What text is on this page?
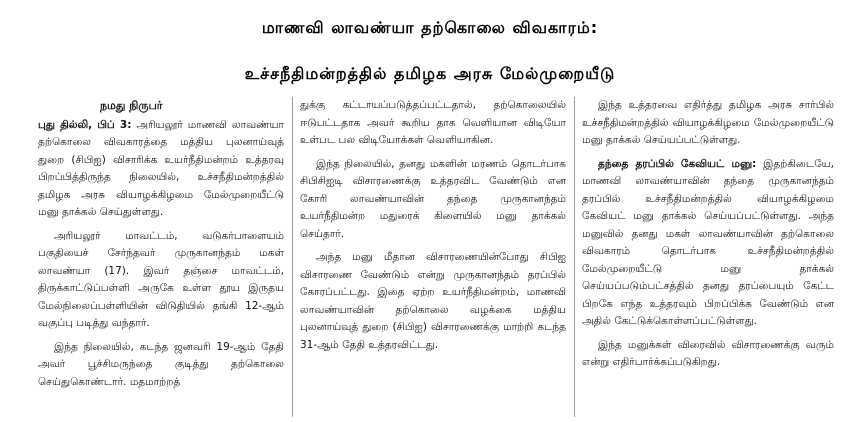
மாணவி லாவண்யா தற்கொலை விவகாரம்:
உச்சநீதிமன்றத்தில் தமிழக அரசு மேல்முறையீடு
நமது நிருபர்

புது தில்லி, பிப் 3: அரியலூர் மாணவி லாவண்யா தற்கொலை விவகாரத்தை மத்திய புலனாய்வுத் துறை (சிபிஐ) விசாரிக்க உயர்நீதிமன்றம் உத்தரவு பிறப்பித்திருந்த நிலையில், உச்சநீதிமன்றத்தில் தமிழக அரசு வியாழக்கிழமை மேல்முறையீட்டு மனு தாக்கல் செய்துள்ளது.

அரியலூர் மாவட்டம், வடுகர்பாளையம் பகுதியைச் சேர்ந்தவர் முருகானந்தம் மகள் லாவண்யா (17). இவர் தஞ்சை மாவட்டம், திருக்காட்டுப்பள்ளி அருகே உள்ள தூய இருதய மேல்நிலைப்பள்ளியின் விடுதியில் தங்கி 12-ஆம் வகுப்பு படித்து வந்தார்.

இந்த நிலையில், கடந்த ஜனவரி 19-ஆம் தேதி அவர் பூச்சிமருந்தை குடித்து தற்கொலை செய்துகொண்டார். மதமாற்றத்

துக்கு கட்டாயப்படுத்தப்பட்டதால், தற்கொலையில் ஈடுபட்டதாக அவர் கூறிய தாக வெளியான விடியோ உள்பட பல விடியோக்கள் வெளியாகின.

இந்த நிலையில், தனது மகளின் மரணம் தொடர்பாக சிபிசிஐடி விசாரணைக்கு உத்தரவிட வேண்டும் என கோரி லாவண்யாவின் தந்தை முருகானந்தம் உயர்நீதிமன்ற மதுரைக் கிளையில் மனு தாக்கல் செய்தார்.

அந்த மனு மீதான விசாரணையின்போது சிபிஐ விசாரணை வேண்டும் என்று முருகானந்தம் தரப்பில் கோரப்பட்டது. இதை ஏற்ற உயர்நீதிமன்றம், மாணவி லாவண்யாவின் தற்கொலை வழக்கை மத்திய புலனாய்வுத் துறை (சிபிஐ) விசாரணைக்கு மாற்றி கடந்த 31-ஆம் தேதி உத்தரவிட்டது.

இந்த உத்தரவை எதிர்த்து தமிழக அரசு சார்பில் உச்சநீதிமன்றத்தில் வியாழக்கிழமை மேல்முறையீட்டு மனு தாக்கல் செய்யப்பட்டுள்ளது.

தந்தை தரப்பில் கேவியட் மனு: இதற்கிடையே, மாணவி லாவண்யாவின் தந்தை முருகானந்தம் தரப்பில் உச்சநீதிமன்றத்தில் வியாழக்கிழமை கேவியட் மனு தாக்கல் செய்யப்பட்டுள்ளது. அந்த மனுவில் தனது மகள் லாவண்யாவின் தற்கொலை விவகாரம் தொடர்பாக உச்சநீதிமன்றத்தில் மேல்முறையீட்டு மனு தாக்கல் செய்யப்படும்பட்சத்தில் தனது தரப்பையும் கேட்ட பிறகே எந்த உத்தரவும் பிறப்பிக்க வேண்டும் என அதில் கேட்டுக்கொள்ளப்பட்டுள்ளது.

இந்த மனுக்கள் விரைவில் விசாரணைக்கு வரும் என்று எதிர்பார்க்கப்படுகிறது.
